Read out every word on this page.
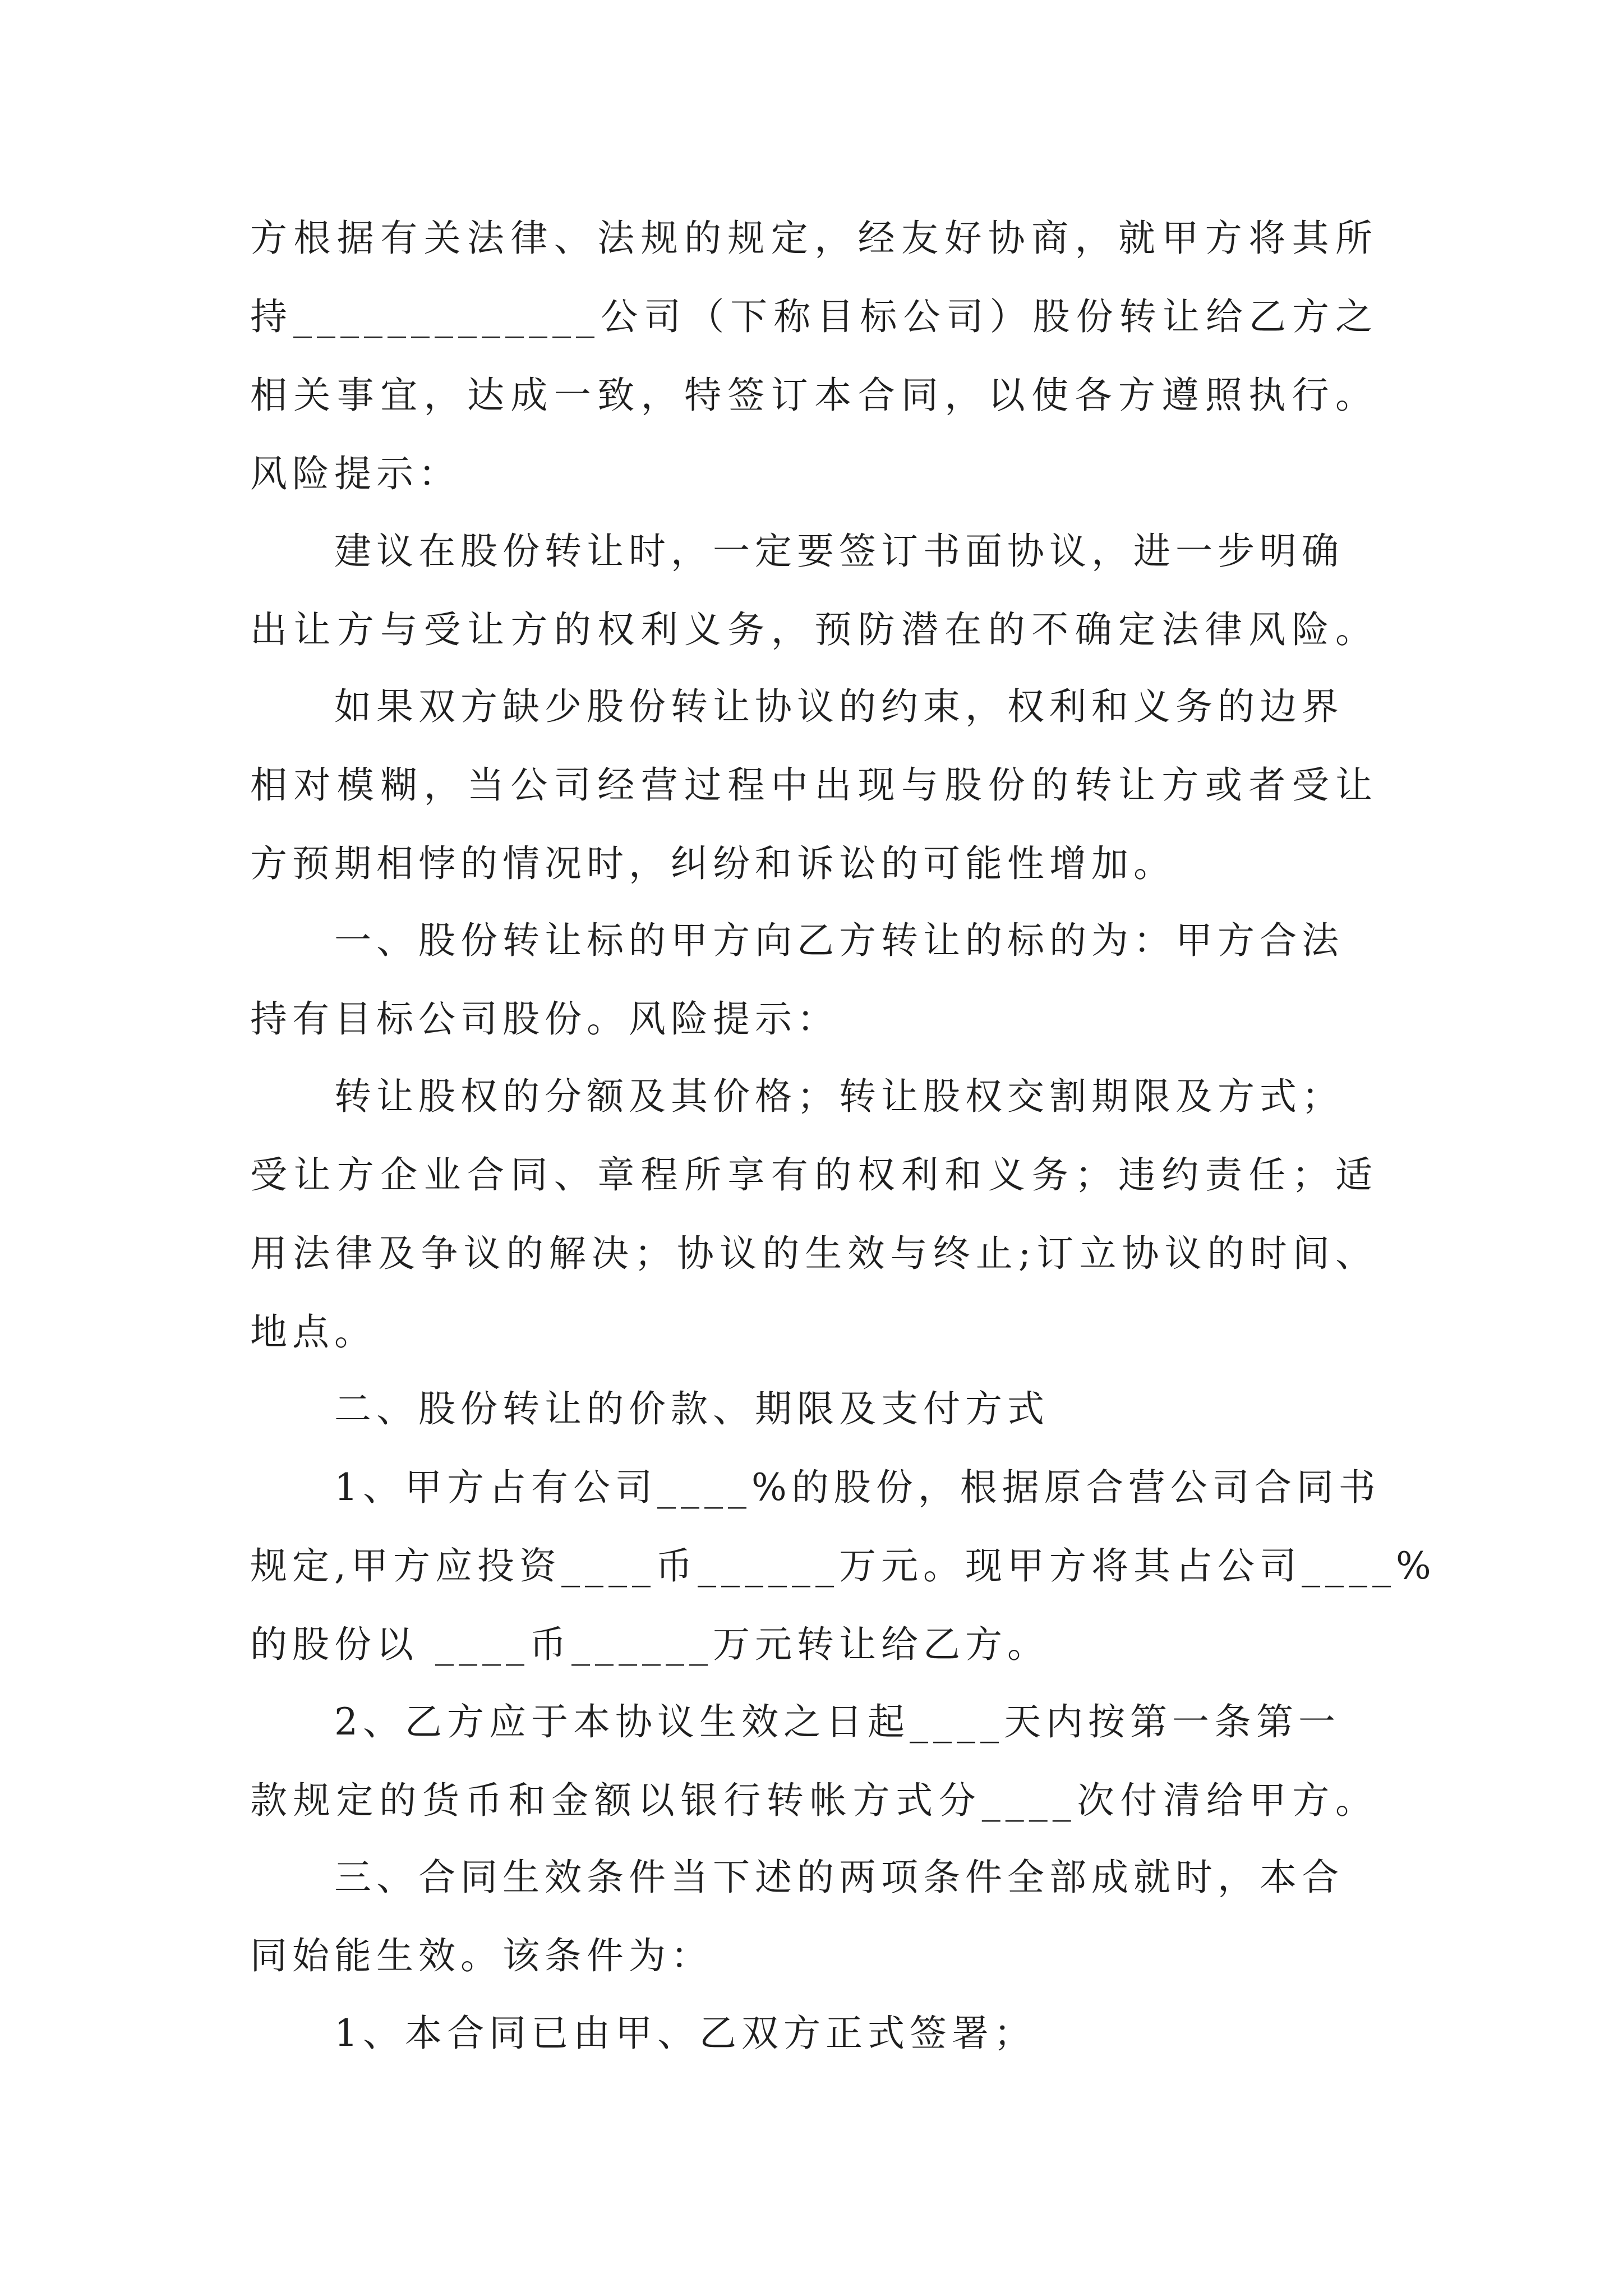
方根据有关法律、法规的规定，经友好协商，就甲方将其所
持_____________公司（下称目标公司）股份转让给乙方之
相关事宜，达成一致，特签订本合同，以使各方遵照执行。
风险提示：
建议在股份转让时，一定要签订书面协议，进一步明确
出让方与受让方的权利义务，预防潜在的不确定法律风险。
如果双方缺少股份转让协议的约束，权利和义务的边界
相对模糊，当公司经营过程中出现与股份的转让方或者受让
方预期相悖的情况时，纠纷和诉讼的可能性增加。
一、股份转让标的甲方向乙方转让的标的为：甲方合法
持有目标公司股份。风险提示：
转让股权的分额及其价格；转让股权交割期限及方式；
受让方企业合同、章程所享有的权利和义务；违约责任；适
用法律及争议的解决；协议的生效与终止;订立协议的时间、
地点。
二、股份转让的价款、期限及支付方式
1、甲方占有公司____%的股份，根据原合营公司合同书
规定,甲方应投资____币______万元。现甲方将其占公司____%
的股份以 ____币______万元转让给乙方。
2、乙方应于本协议生效之日起____天内按第一条第一
款规定的货币和金额以银行转帐方式分____次付清给甲方。
三、合同生效条件当下述的两项条件全部成就时，本合
同始能生效。该条件为：
1、本合同已由甲、乙双方正式签署；
